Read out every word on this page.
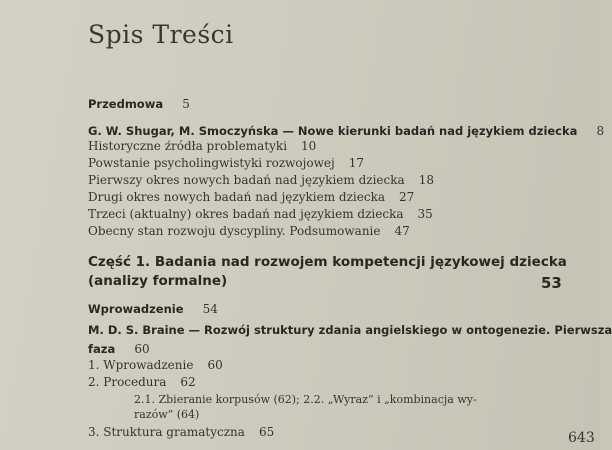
Spis Treści
Przedmowa 5
G. W. Shugar, M. Smoczyńska — Nowe kierunki badań nad językiem dziecka 8
Historyczne źródła problematyki 10
Powstanie psycholingwistyki rozwojowej 17
Pierwszy okres nowych badań nad językiem dziecka 18
Drugi okres nowych badań nad językiem dziecka 27
Trzeci (aktualny) okres badań nad językiem dziecka 35
Obecny stan rozwoju dyscypliny. Podsumowanie 47
Część 1. Badania nad rozwojem kompetencji językowej dziecka
(analizy formalne)	53
Wprowadzenie 54
M. D. S. Braine — Rozwój struktury zdania angielskiego w ontogenezie. Pierwsza
faza 60
1. Wprowadzenie 60
2. Procedura 62
2.1. Zbieranie korpusów (62); 2.2. „Wyraz” i „kombinacja wy-
razów” (64)
3. Struktura gramatyczna 65	643
